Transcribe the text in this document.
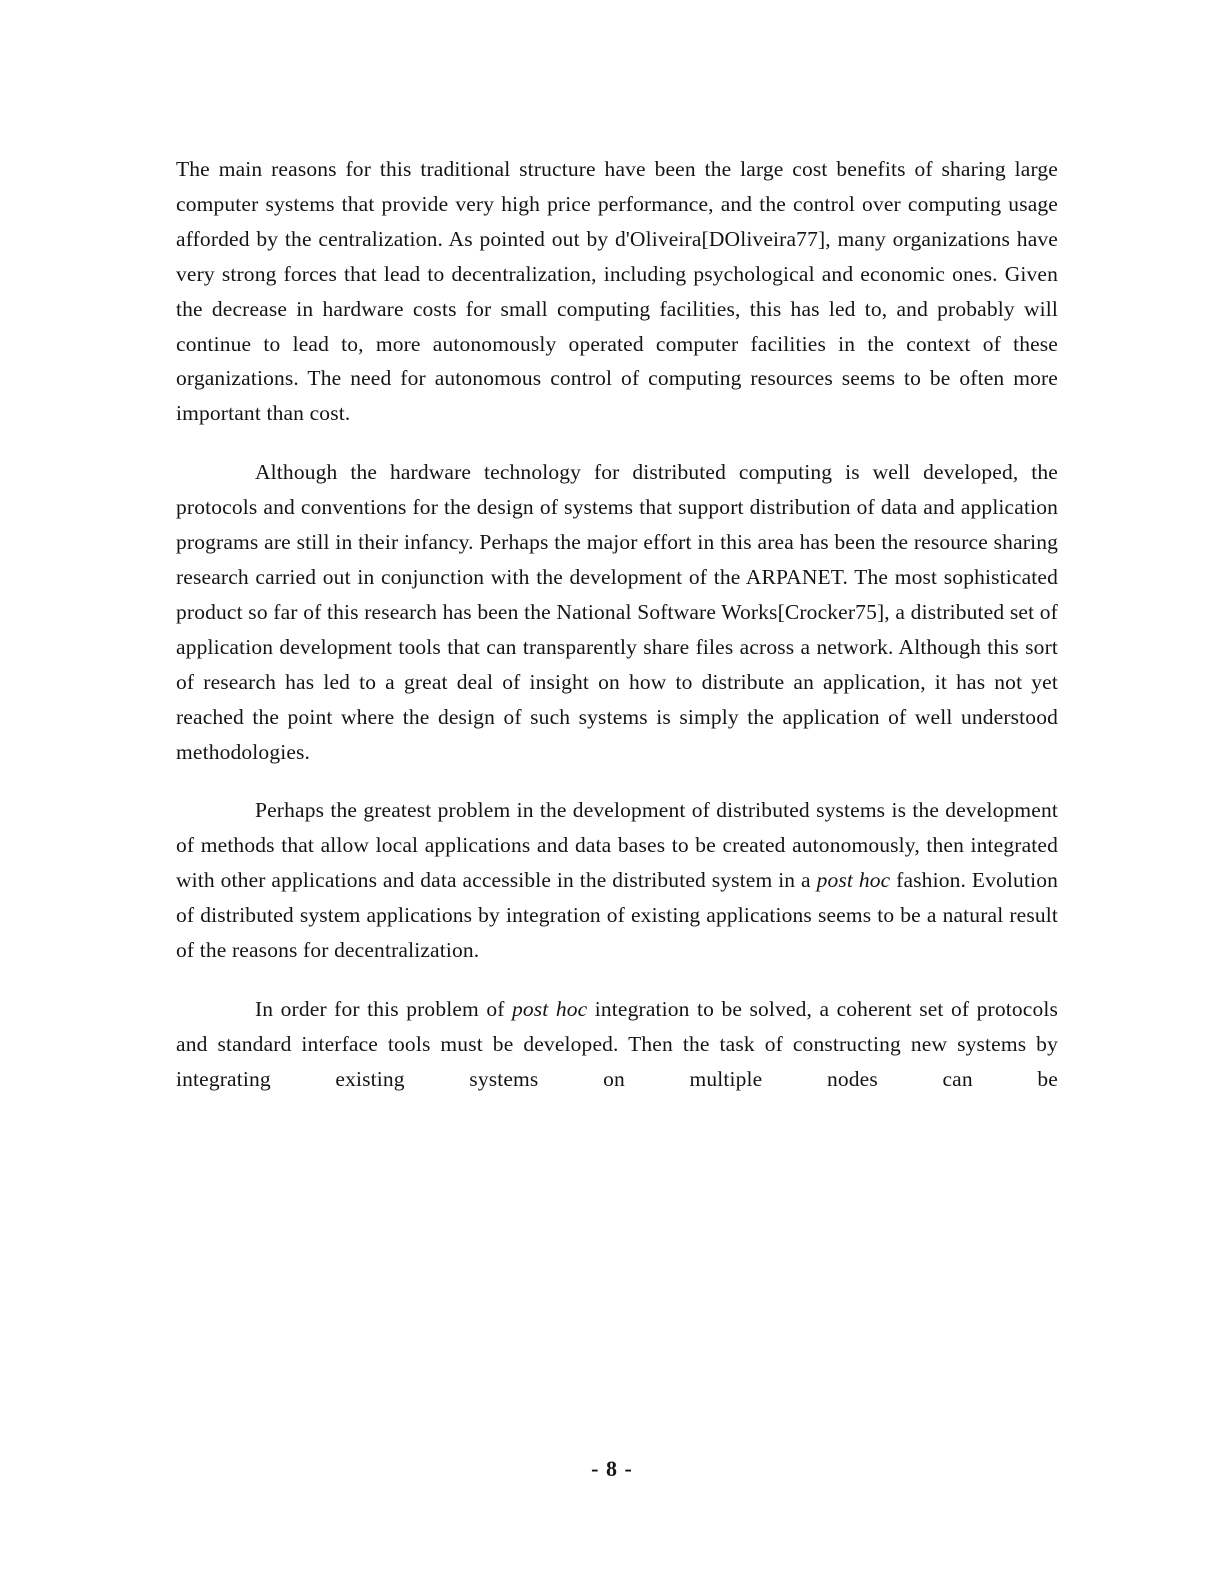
The main reasons for this traditional structure have been the large cost benefits of sharing large computer systems that provide very high price performance, and the control over computing usage afforded by the centralization. As pointed out by d'Oliveira[DOliveira77], many organizations have very strong forces that lead to decentralization, including psychological and economic ones. Given the decrease in hardware costs for small computing facilities, this has led to, and probably will continue to lead to, more autonomously operated computer facilities in the context of these organizations. The need for autonomous control of computing resources seems to be often more important than cost.

Although the hardware technology for distributed computing is well developed, the protocols and conventions for the design of systems that support distribution of data and application programs are still in their infancy. Perhaps the major effort in this area has been the resource sharing research carried out in conjunction with the development of the ARPANET. The most sophisticated product so far of this research has been the National Software Works[Crocker75], a distributed set of application development tools that can transparently share files across a network. Although this sort of research has led to a great deal of insight on how to distribute an application, it has not yet reached the point where the design of such systems is simply the application of well understood methodologies.

Perhaps the greatest problem in the development of distributed systems is the development of methods that allow local applications and data bases to be created autonomously, then integrated with other applications and data accessible in the distributed system in a post hoc fashion. Evolution of distributed system applications by integration of existing applications seems to be a natural result of the reasons for decentralization.

In order for this problem of post hoc integration to be solved, a coherent set of protocols and standard interface tools must be developed. Then the task of constructing new systems by integrating existing systems on multiple nodes can be

- 8 -
